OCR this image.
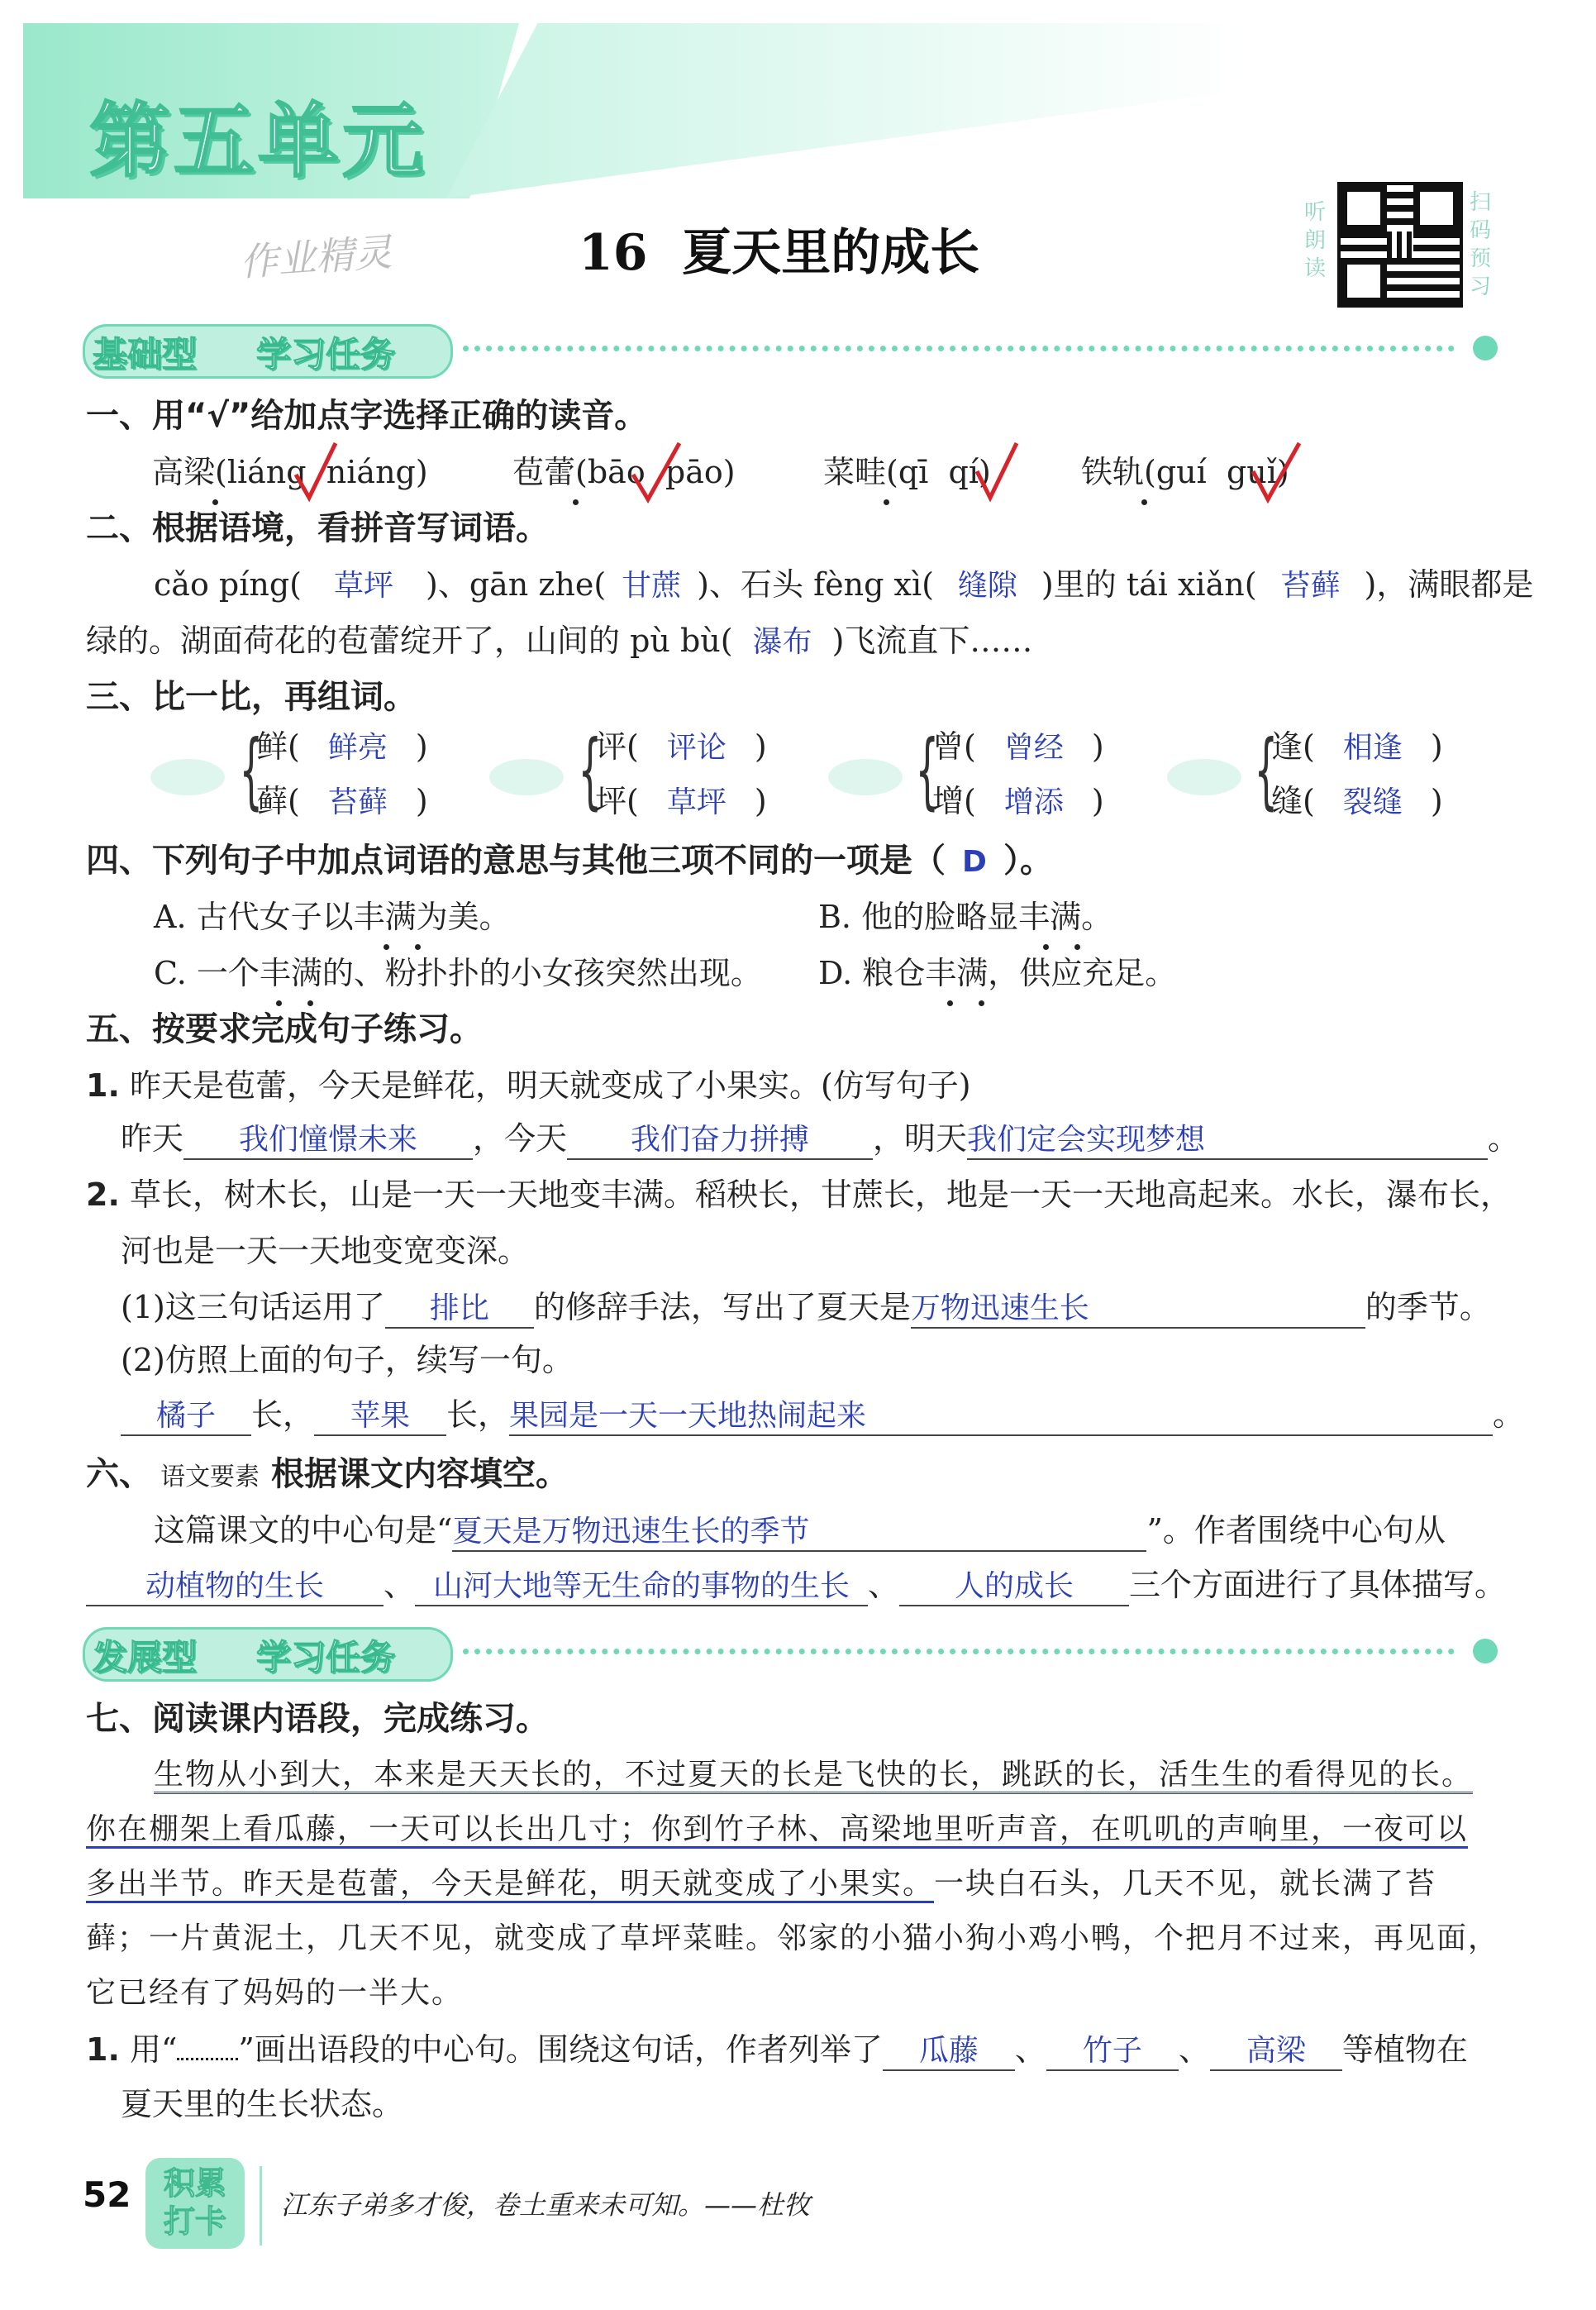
第五单元
作业精灵	16  夏天里的成长
听朗读
扫码预习
基础型 学习任务
一、用“√”给加点字选择正确的读音。
高梁(liáng niáng)	苞蕾(bāo pāo)	菜畦(qī qí)	铁轨(guí guǐ)
二、根据语境，看拼音写词语。
cǎo píng( 草坪 )、gān zhe( 甘蔗 )、石头 fèng xì( 缝隙 )里的 tái xiǎn( 苔藓 )，满眼都是
绿的。湖面荷花的苞蕾绽开了，山间的 pù bù( 瀑布 )飞流直下……
三、比一比，再组词。
{
鲜( 鲜亮 )
藓( 苔藓 ) {
评( 评论 )
坪( 草坪 ) {
曾( 曾经 )
增( 增添 ) {
逢( 相逢 )
缝( 裂缝 )
四、下列句子中加点词语的意思与其他三项不同的一项是（ D ）。
A. 古代女子以丰满为美。	B. 他的脸略显丰满。
C. 一个丰满的、粉扑扑的小女孩突然出现。 D. 粮仓丰满，供应充足。
五、按要求完成句子练习。
1. 昨天是苞蕾，今天是鲜花，明天就变成了小果实。(仿写句子)
昨天 我们憧憬未来 ，今天 我们奋力拼搏 ，明天我们定会实现梦想	。
2. 草长，树木长，山是一天一天地变丰满。稻秧长，甘蔗长，地是一天一天地高起来。水长，瀑布长，
河也是一天一天地变宽变深。
(1)这三句话运用了 排比 的修辞手法，写出了夏天是万物迅速生长	的季节。
(2)仿照上面的句子，续写一句。
橘子 长， 苹果 长，果园是一天一天地热闹起来	。
六、 语文要素 根据课文内容填空。
这篇课文的中心句是“夏天是万物迅速生长的季节	”。作者围绕中心句从
动植物的生长 、 山河大地等无生命的事物的生长 、 人的成长 三个方面进行了具体描写。
发展型 学习任务
七、阅读课内语段，完成练习。
生物从小到大，本来是天天长的，不过夏天的长是飞快的长，跳跃的长，活生生的看得见的长。
你在棚架上看瓜藤，一天可以长出几寸；你到竹子林、高梁地里听声音，在叽叽的声响里，一夜可以
多出半节。昨天是苞蕾，今天是鲜花，明天就变成了小果实。一块白石头，几天不见，就长满了苔
藓；一片黄泥土，几天不见，就变成了草坪菜畦。邻家的小猫小狗小鸡小鸭，个把月不过来，再见面，
它已经有了妈妈的一半大。
1. 用“ ”画出语段的中心句。围绕这句话，作者列举了 瓜藤 、 竹子 、 高梁 等植物在
夏天里的生长状态。
52	积累
打卡	江东子弟多才俊，卷土重来未可知。——杜牧
